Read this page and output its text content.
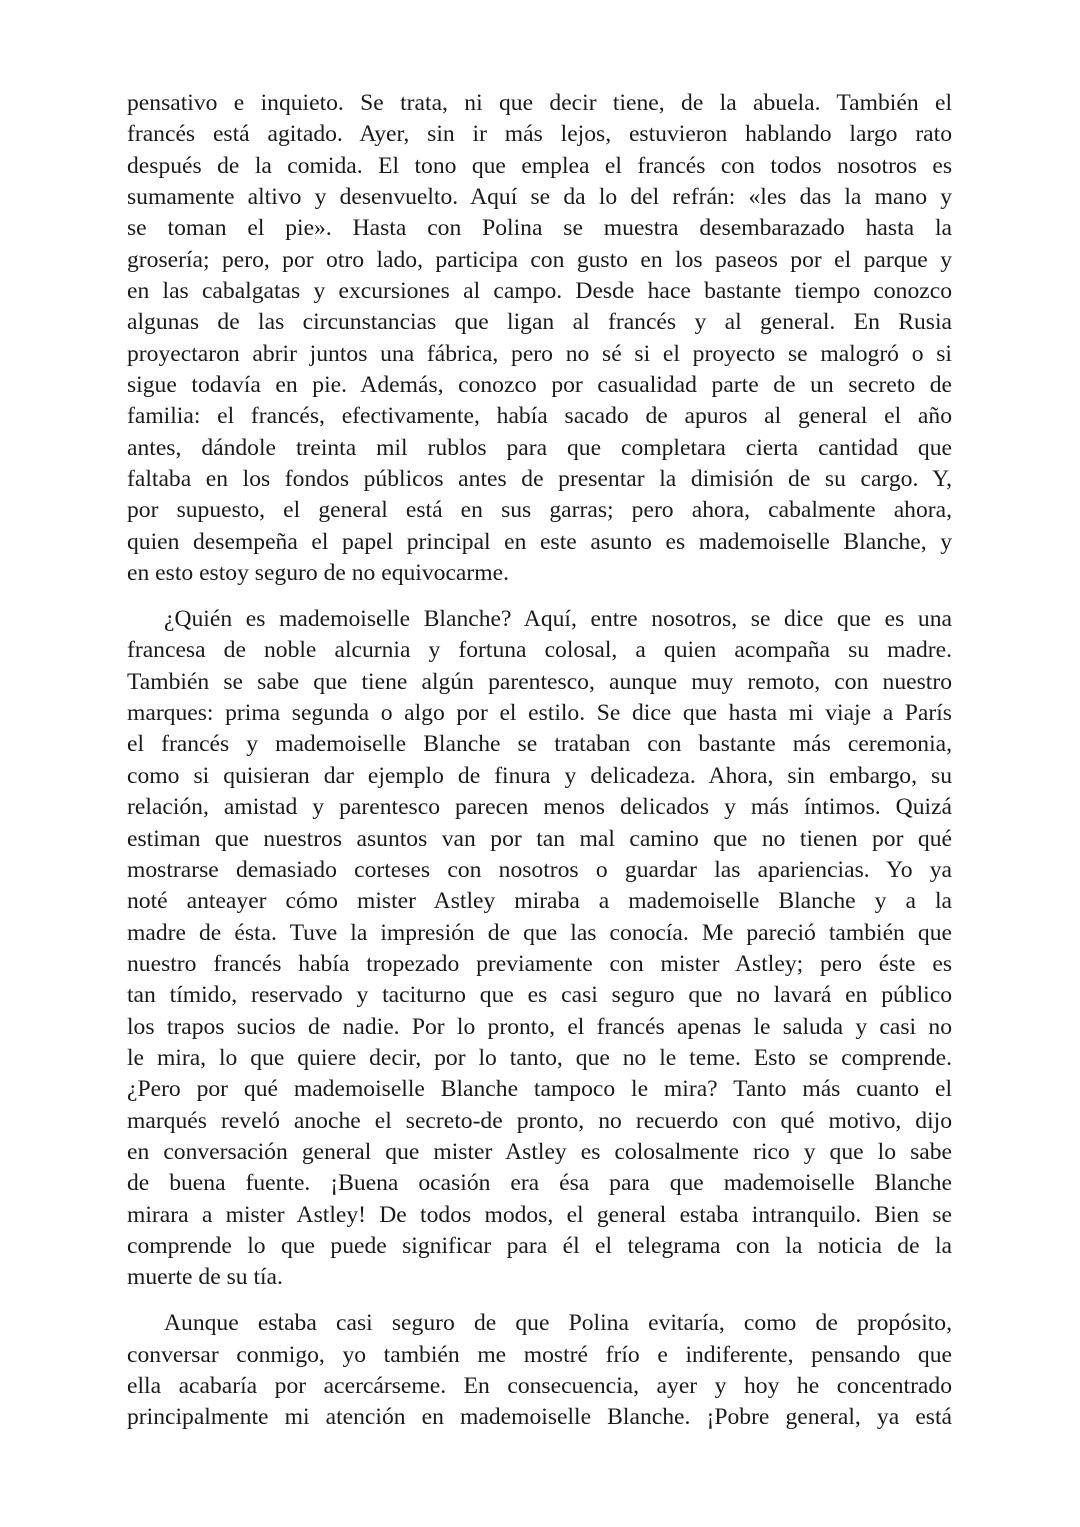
pensativo e inquieto. Se trata, ni que decir tiene, de la abuela. También el
francés está agitado. Ayer, sin ir más lejos, estuvieron hablando largo rato
después de la comida. El tono que emplea el francés con todos nosotros es
sumamente altivo y desenvuelto. Aquí se da lo del refrán: «les das la mano y
se toman el pie». Hasta con Polina se muestra desembarazado hasta la
grosería; pero, por otro lado, participa con gusto en los paseos por el parque y
en las cabalgatas y excursiones al campo. Desde hace bastante tiempo conozco
algunas de las circunstancias que ligan al francés y al general. En Rusia
proyectaron abrir juntos una fábrica, pero no sé si el proyecto se malogró o si
sigue todavía en pie. Además, conozco por casualidad parte de un secreto de
familia: el francés, efectivamente, había sacado de apuros al general el año
antes, dándole treinta mil rublos para que completara cierta cantidad que
faltaba en los fondos públicos antes de presentar la dimisión de su cargo. Y,
por supuesto, el general está en sus garras; pero ahora, cabalmente ahora,
quien desempeña el papel principal en este asunto es mademoiselle Blanche, y
en esto estoy seguro de no equivocarme.
¿Quién es mademoiselle Blanche? Aquí, entre nosotros, se dice que es una
francesa de noble alcurnia y fortuna colosal, a quien acompaña su madre.
También se sabe que tiene algún parentesco, aunque muy remoto, con nuestro
marques: prima segunda o algo por el estilo. Se dice que hasta mi viaje a París
el francés y mademoiselle Blanche se trataban con bastante más ceremonia,
como si quisieran dar ejemplo de finura y delicadeza. Ahora, sin embargo, su
relación, amistad y parentesco parecen menos delicados y más íntimos. Quizá
estiman que nuestros asuntos van por tan mal camino que no tienen por qué
mostrarse demasiado corteses con nosotros o guardar las apariencias. Yo ya
noté anteayer cómo mister Astley miraba a mademoiselle Blanche y a la
madre de ésta. Tuve la impresión de que las conocía. Me pareció también que
nuestro francés había tropezado previamente con mister Astley; pero éste es
tan tímido, reservado y taciturno que es casi seguro que no lavará en público
los trapos sucios de nadie. Por lo pronto, el francés apenas le saluda y casi no
le mira, lo que quiere decir, por lo tanto, que no le teme. Esto se comprende.
¿Pero por qué mademoiselle Blanche tampoco le mira? Tanto más cuanto el
marqués reveló anoche el secreto-de pronto, no recuerdo con qué motivo, dijo
en conversación general que mister Astley es colosalmente rico y que lo sabe
de buena fuente. ¡Buena ocasión era ésa para que mademoiselle Blanche
mirara a mister Astley! De todos modos, el general estaba intranquilo. Bien se
comprende lo que puede significar para él el telegrama con la noticia de la
muerte de su tía.
Aunque estaba casi seguro de que Polina evitaría, como de propósito,
conversar conmigo, yo también me mostré frío e indiferente, pensando que
ella acabaría por acercárseme. En consecuencia, ayer y hoy he concentrado
principalmente mi atención en mademoiselle Blanche. ¡Pobre general, ya está
